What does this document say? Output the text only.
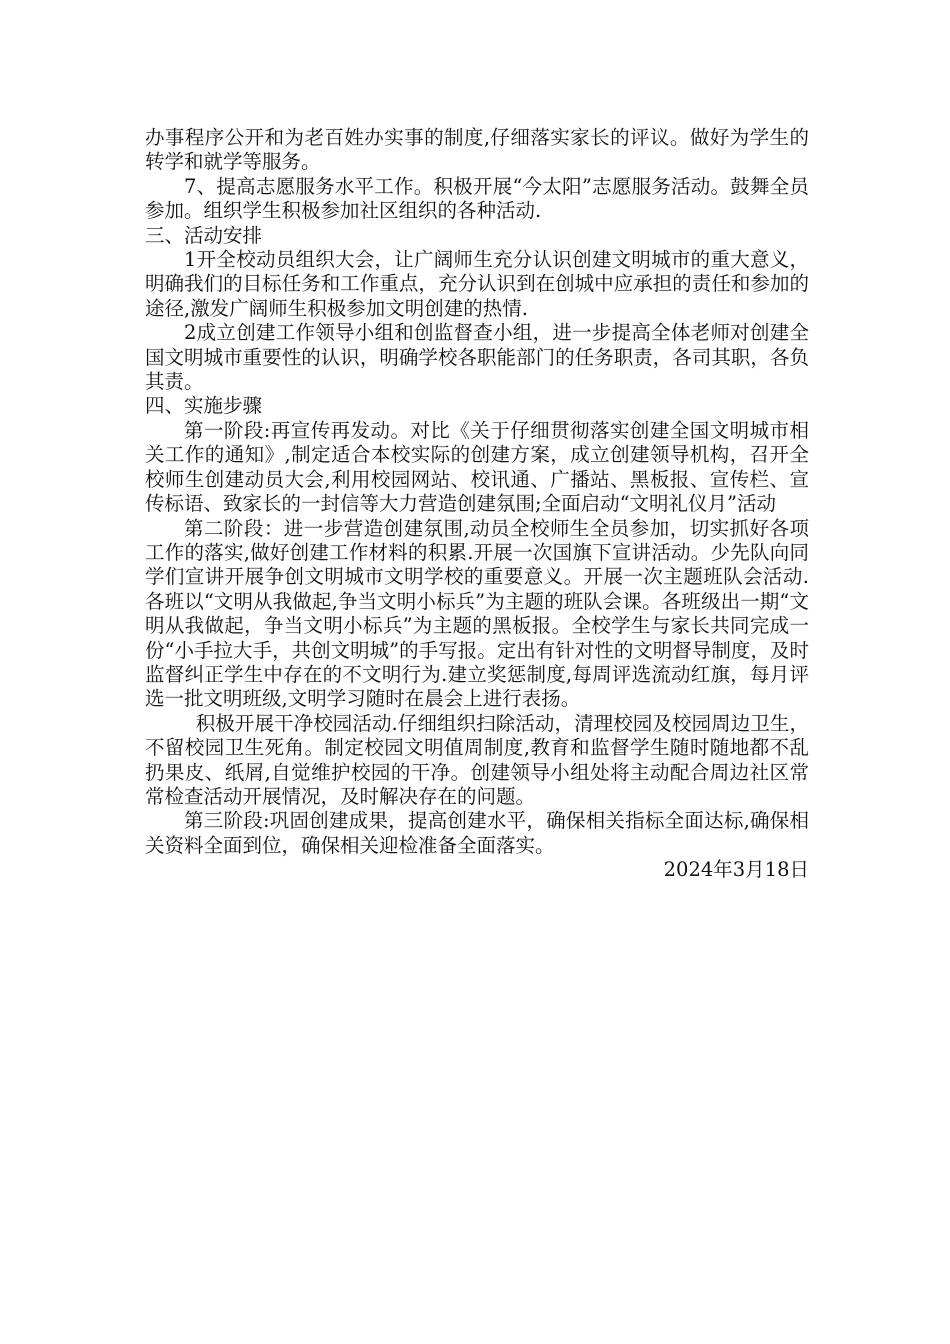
办事程序公开和为老百姓办实事的制度,仔细落实家长的评议。做好为学生的转学和就学等服务。

7、提高志愿服务水平工作。积极开展“今太阳”志愿服务活动。鼓舞全员参加。组织学生积极参加社区组织的各种活动.

三、活动安排

1开全校动员组织大会，让广阔师生充分认识创建文明城市的重大意义，明确我们的目标任务和工作重点，充分认识到在创城中应承担的责任和参加的途径,激发广阔师生积极参加文明创建的热情.

2成立创建工作领导小组和创监督查小组，进一步提高全体老师对创建全国文明城市重要性的认识，明确学校各职能部门的任务职责，各司其职，各负其责。

四、实施步骤

第一阶段:再宣传再发动。对比《关于仔细贯彻落实创建全国文明城市相关工作的通知》,制定适合本校实际的创建方案，成立创建领导机构，召开全校师生创建动员大会,利用校园网站、校讯通、广播站、黑板报、宣传栏、宣传标语、致家长的一封信等大力营造创建氛围;全面启动“文明礼仪月”活动

第二阶段：进一步营造创建氛围,动员全校师生全员参加，切实抓好各项工作的落实,做好创建工作材料的积累.开展一次国旗下宣讲活动。少先队向同学们宣讲开展争创文明城市文明学校的重要意义。开展一次主题班队会活动.各班以“文明从我做起,争当文明小标兵”为主题的班队会课。各班级出一期“文明从我做起，争当文明小标兵”为主题的黑板报。全校学生与家长共同完成一份“小手拉大手，共创文明城”的手写报。定出有针对性的文明督导制度，及时监督纠正学生中存在的不文明行为.建立奖惩制度,每周评选流动红旗，每月评选一批文明班级,文明学习随时在晨会上进行表扬。

积极开展干净校园活动.仔细组织扫除活动，清理校园及校园周边卫生，不留校园卫生死角。制定校园文明值周制度,教育和监督学生随时随地都不乱扔果皮、纸屑,自觉维护校园的干净。创建领导小组处将主动配合周边社区常常检查活动开展情况，及时解决存在的问题。

第三阶段:巩固创建成果，提高创建水平，确保相关指标全面达标,确保相关资料全面到位，确保相关迎检准备全面落实。

2024年3月18日
